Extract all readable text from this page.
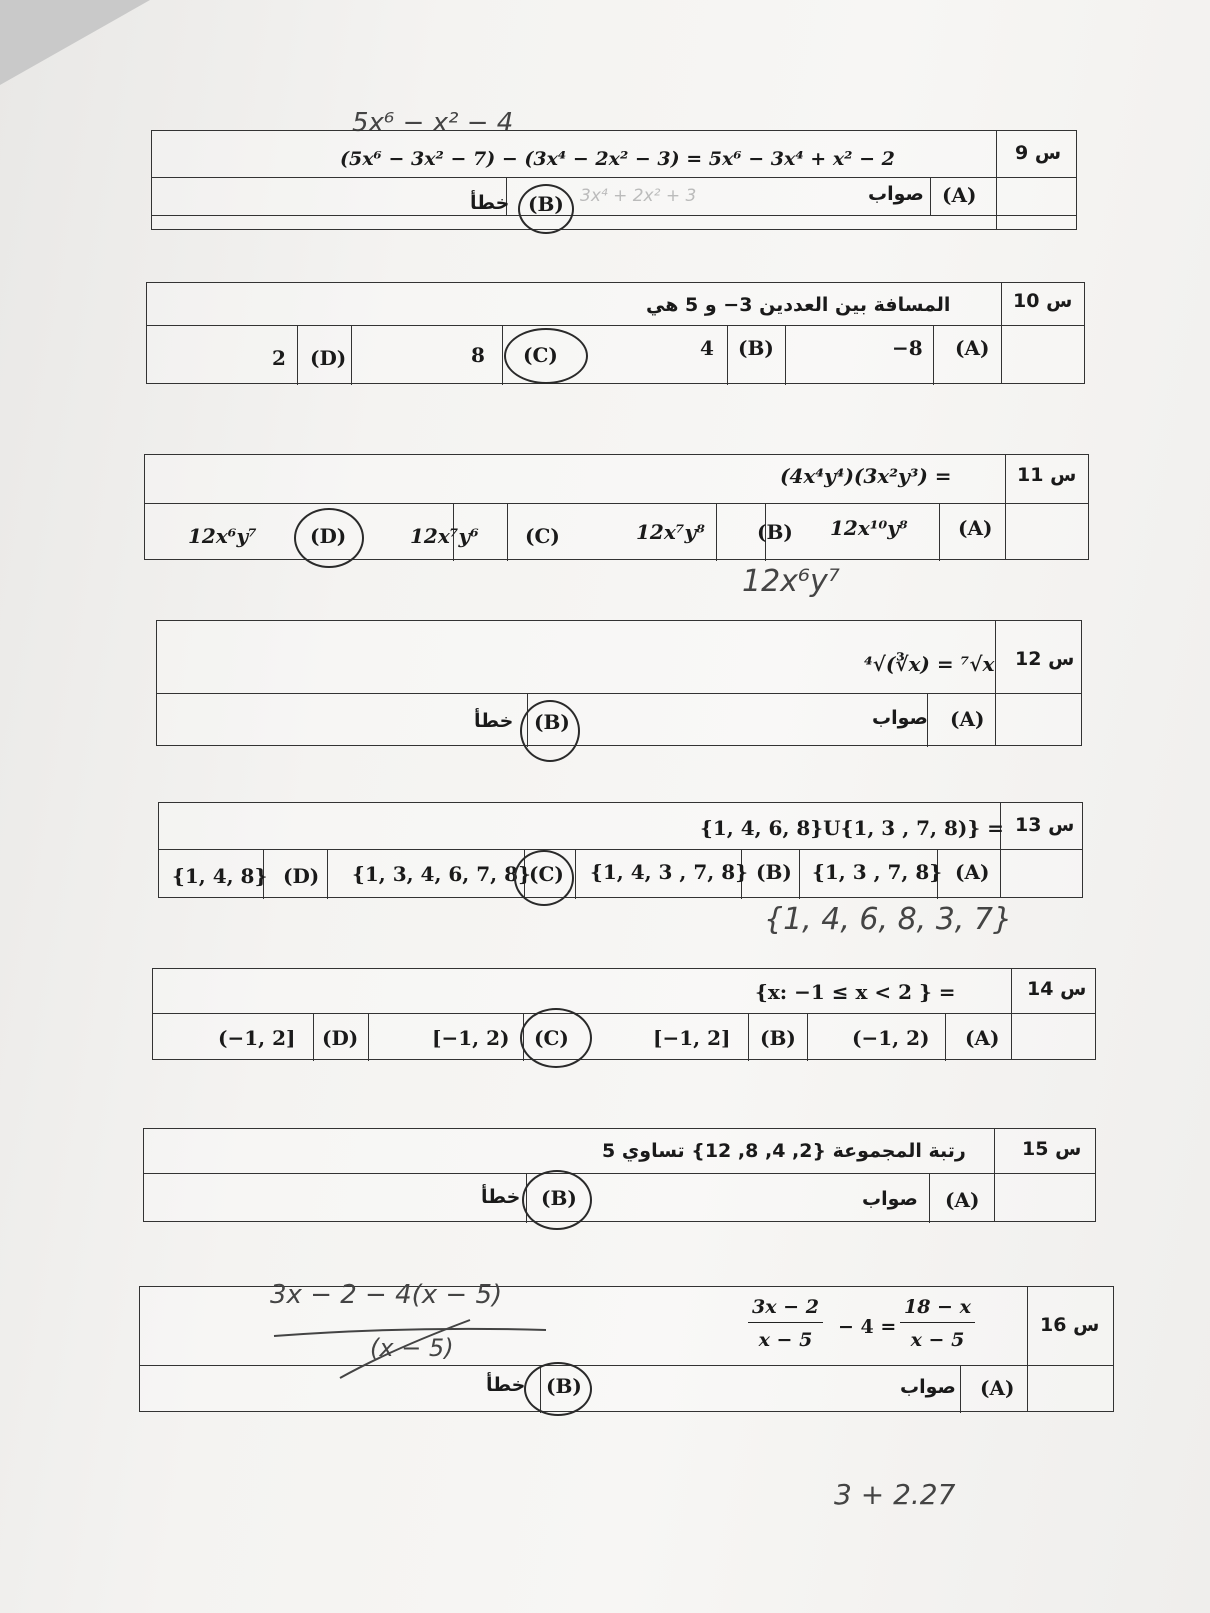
5x⁶ − x² − 4
س 9
(5x⁶ − 3x² − 7) − (3x⁴ − 2x² − 3) = 5x⁶ − 3x⁴ + x² − 2
(A)
صواب
(B)
خطأ	3x⁴ + 2x² + 3
س 10
المسافة بين العددين 3− و 5 هي
(A)
−8
(B)
4
(C)
8
(D)
2
س 11
(4x⁴y⁴)(3x²y³) =
(A)
12x¹⁰y⁸
(B)
12x⁷y⁸
(C)
12x⁷y⁶
(D)
12x⁶y⁷
12x⁶y⁷
س 12
⁴√(∛x) = ⁷√x
(A)
صواب
(B)
خطأ
س 13
{1, 4, 6, 8}U{1, 3 , 7, 8)} =
(A)
{1, 3 , 7, 8}
(B)
{1, 4, 3 , 7, 8}
(C)
{1, 3, 4, 6, 7, 8}
(D)
{1, 4, 8}
{1, 4, 6, 8, 3, 7}
س 14
{x: −1 ≤ x < 2 } =
(A)
(−1, 2)
(B)
[−1, 2]
(C)
[−1, 2)
(D)
(−1, 2]
س 15
رتبة المجموعة {2, 4, 8, 12} تساوي 5
(A)
صواب
(B)
خطأ
س 16
$\frac{3x - 2}{x - 5} - 4 = \frac{18 - x}{x - 5}$
(A)
صواب
(B)
خطأ
3x − 2 − 4(x − 5)
(x − 5)
3 + 2.27
